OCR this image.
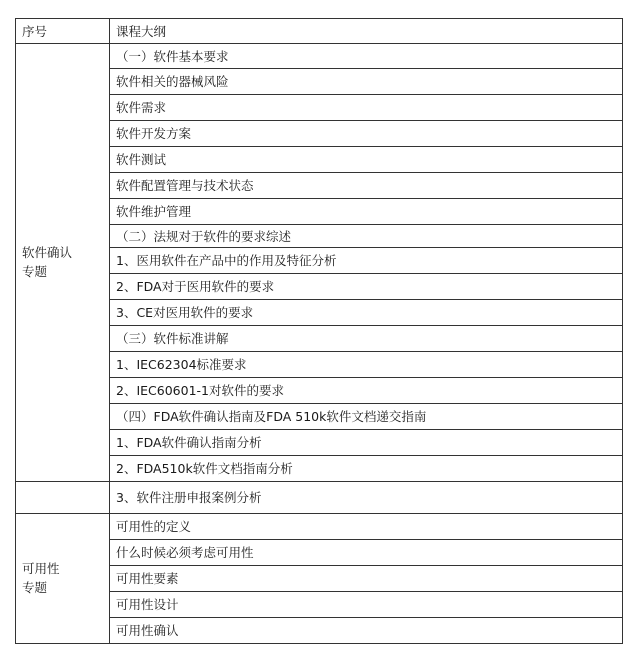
序号	课程大纲

软件确认
专题	（一）软件基本要求
	软件相关的器械风险
	软件需求
	软件开发方案
	软件测试
	软件配置管理与技术状态
	软件维护管理
	（二）法规对于软件的要求综述
	1、医用软件在产品中的作用及特征分析
	2、FDA对于医用软件的要求
	3、CE对医用软件的要求
	（三）软件标准讲解
	1、IEC62304标准要求
	2、IEC60601-1对软件的要求
	（四）FDA软件确认指南及FDA 510k软件文档递交指南
	1、FDA软件确认指南分析
	2、FDA510k软件文档指南分析

	3、软件注册申报案例分析

可用性
专题	可用性的定义
	什么时候必须考虑可用性
	可用性要素
	可用性设计
	可用性确认
